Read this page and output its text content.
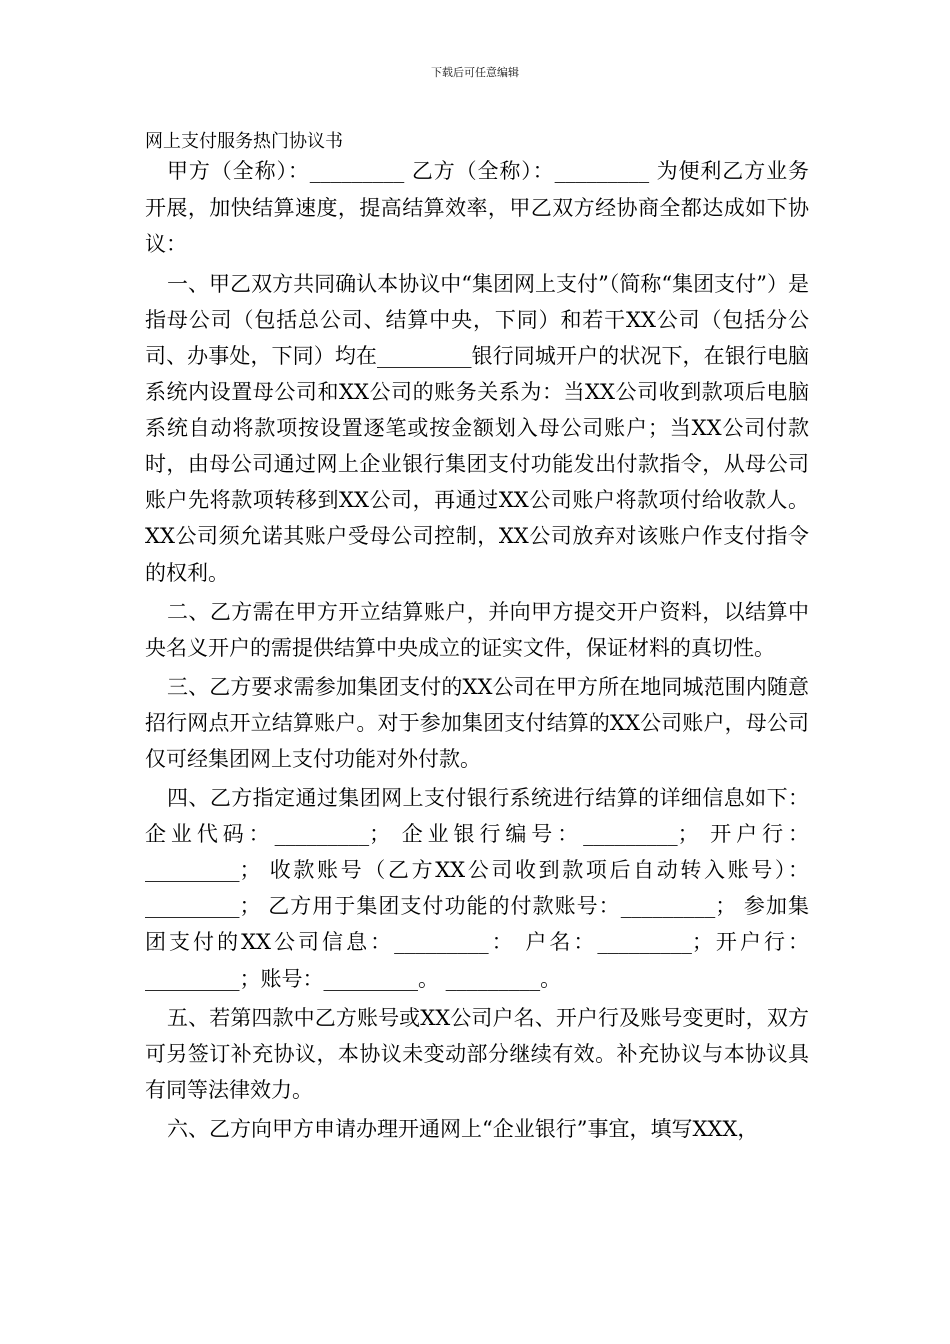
下载后可任意编辑
网上支付服务热门协议书

甲方（全称）：_________ 乙方（全称）：_________ 为便利乙方业务开展，加快结算速度，提高结算效率，甲乙双方经协商全都达成如下协议：

一、甲乙双方共同确认本协议中“集团网上支付”（简称“集团支付”）是指母公司（包括总公司、结算中央，下同）和若干XX公司（包括分公司、办事处，下同）均在_________银行同城开户的状况下，在银行电脑系统内设置母公司和XX公司的账务关系为：当XX公司收到款项后电脑系统自动将款项按设置逐笔或按金额划入母公司账户；当XX公司付款时，由母公司通过网上企业银行集团支付功能发出付款指令，从母公司账户先将款项转移到XX公司，再通过XX公司账户将款项付给收款人。XX公司须允诺其账户受母公司控制，XX公司放弃对该账户作支付指令的权利。

二、乙方需在甲方开立结算账户，并向甲方提交开户资料，以结算中央名义开户的需提供结算中央成立的证实文件，保证材料的真切性。

三、乙方要求需参加集团支付的XX公司在甲方所在地同城范围内随意招行网点开立结算账户。对于参加集团支付结算的XX公司账户，母公司仅可经集团网上支付功能对外付款。

四、乙方指定通过集团网上支付银行系统进行结算的详细信息如下： 企业代码：_________； 企业银行编号：_________； 开户行：_________； 收款账号（乙方XX公司收到款项后自动转入账号）：_________； 乙方用于集团支付功能的付款账号：_________； 参加集团支付的XX公司信息：_________： 户名：_________；开户行：_________；账号：_________。 _________。

五、若第四款中乙方账号或XX公司户名、开户行及账号变更时，双方可另签订补充协议，本协议未变动部分继续有效。补充协议与本协议具有同等法律效力。

六、乙方向甲方申请办理开通网上“企业银行”事宜，填写XXX，
